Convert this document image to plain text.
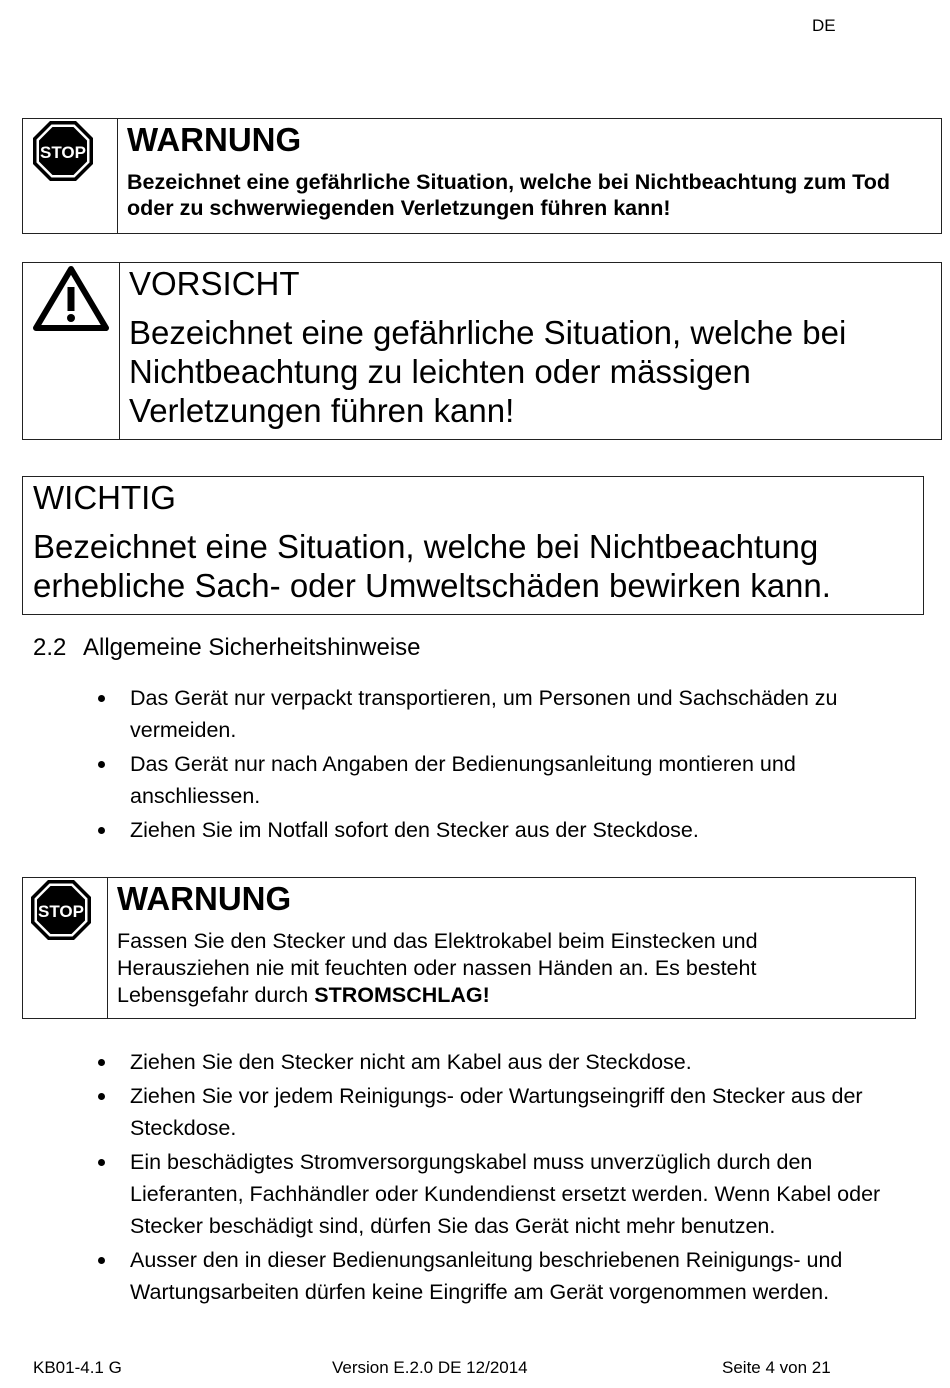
DE
STOP WARNUNG
Bezeichnet eine gefährliche Situation, welche bei Nichtbeachtung zum Tod oder zu schwerwiegenden Verletzungen führen kann!
VORSICHT
Bezeichnet eine gefährliche Situation, welche bei Nichtbeachtung zu leichten oder mässigen Verletzungen führen kann!
WICHTIG
Bezeichnet eine Situation, welche bei Nichtbeachtung erhebliche Sach- oder Umweltschäden bewirken kann.
2.2 Allgemeine Sicherheitshinweise
Das Gerät nur verpackt transportieren, um Personen und Sachschäden zu vermeiden.
Das Gerät nur nach Angaben der Bedienungsanleitung montieren und anschliessen.
Ziehen Sie im Notfall sofort den Stecker aus der Steckdose.
STOP WARNUNG
Fassen Sie den Stecker und das Elektrokabel beim Einstecken und Herausziehen nie mit feuchten oder nassen Händen an. Es besteht Lebensgefahr durch STROMSCHLAG!
Ziehen Sie den Stecker nicht am Kabel aus der Steckdose.
Ziehen Sie vor jedem Reinigungs- oder Wartungseingriff den Stecker aus der Steckdose.
Ein beschädigtes Stromversorgungskabel muss unverzüglich durch den Lieferanten, Fachhändler oder Kundendienst ersetzt werden. Wenn Kabel oder Stecker beschädigt sind, dürfen Sie das Gerät nicht mehr benutzen.
Ausser den in dieser Bedienungsanleitung beschriebenen Reinigungs- und Wartungsarbeiten dürfen keine Eingriffe am Gerät vorgenommen werden.
KB01-4.1 G	Version E.2.0 DE 12/2014	Seite 4 von 21
